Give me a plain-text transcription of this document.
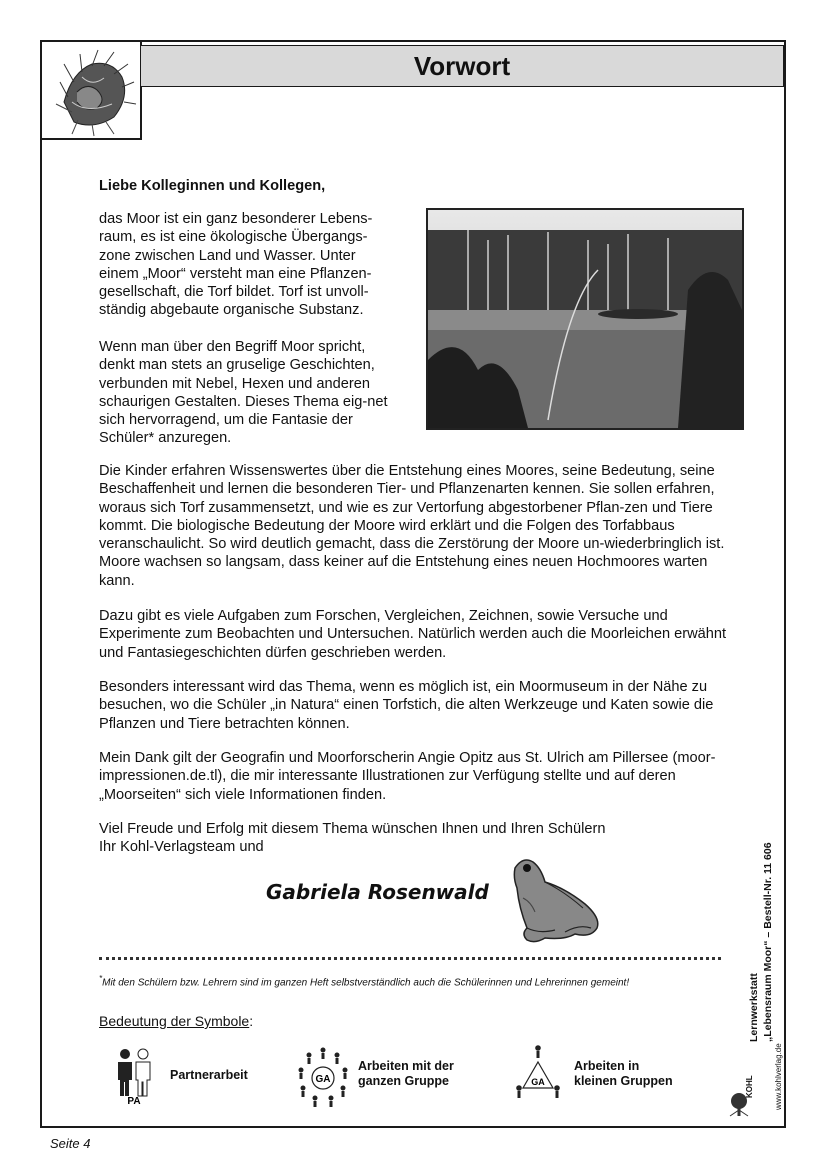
Vorwort

Liebe Kolleginnen und Kollegen,

das Moor ist ein ganz besonderer Lebens-raum, es ist eine ökologische Übergangs-zone zwischen Land und Wasser. Unter einem „Moor“ versteht man eine Pflanzen-gesellschaft, die Torf bildet. Torf ist unvoll-ständig abgebaute organische Substanz.

Wenn man über den Begriff Moor spricht, denkt man stets an gruselige Geschichten, verbunden mit Nebel, Hexen und anderen schaurigen Gestalten. Dieses Thema eig-net sich hervorragend, um die Fantasie der Schüler* anzuregen.

Die Kinder erfahren Wissenswertes über die Entstehung eines Moores, seine Bedeutung, seine Beschaffenheit und lernen die besonderen Tier- und Pflanzenarten kennen. Sie sollen erfahren, woraus sich Torf zusammensetzt, und wie es zur Vertorfung abgestorbener Pflan-zen und Tiere kommt. Die biologische Bedeutung der Moore wird erklärt und die Folgen des Torfabbaus veranschaulicht. So wird deutlich gemacht, dass die Zerstörung der Moore un-wiederbringlich ist. Moore wachsen so langsam, dass keiner auf die Entstehung eines neuen Hochmoores warten kann.

Dazu gibt es viele Aufgaben zum Forschen, Vergleichen, Zeichnen, sowie Versuche und Experimente zum Beobachten und Untersuchen. Natürlich werden auch die Moorleichen erwähnt und Fantasiegeschichten dürfen geschrieben werden.

Besonders interessant wird das Thema, wenn es möglich ist, ein Moormuseum in der Nähe zu besuchen, wo die Schüler „in Natura“ einen Torfstich, die alten Werkzeuge und Katen sowie die Pflanzen und Tiere betrachten können.

Mein Dank gilt der Geografin und Moorforscherin Angie Opitz aus St. Ulrich am Pillersee (moor-impressionen.de.tl), die mir interessante Illustrationen zur Verfügung stellte und auf deren „Moorseiten“ sich viele Informationen finden.

Viel Freude und Erfolg mit diesem Thema wünschen Ihnen und Ihren Schülern
Ihr Kohl-Verlagsteam und
Gabriela Rosenwald
*Mit den Schülern bzw. Lehrern sind im ganzen Heft selbstverständlich auch die Schülerinnen und Lehrerinnen gemeint!
Bedeutung der Symbole:
PA
Partnerarbeit	GA
Arbeiten mit der
ganzen Gruppe	GA
Arbeiten in
kleinen Gruppen
Lernwerkstatt „Lebensraum Moor“ – Bestell-Nr. 11 606
www.kohlverlag.de
KOHL
Seite 4
